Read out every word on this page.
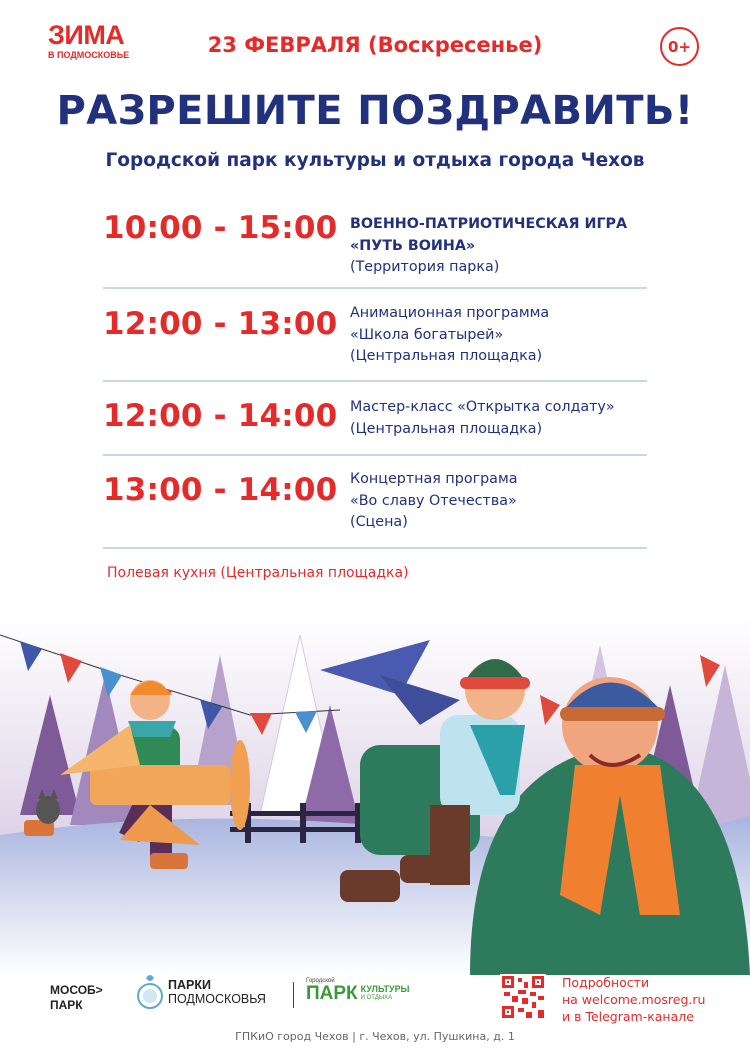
ЗИМА
В ПОДМОСКОВЬЕ	23 ФЕВРАЛЯ (Воскресенье)	0+
РАЗРЕШИТЕ ПОЗДРАВИТЬ!
Городской парк культуры и отдыха города Чехов
10:00 - 15:00 ВОЕННО-ПАТРИОТИЧЕСКАЯ ИГРА
«ПУТЬ ВОИНА»
(Территория парка)
12:00 - 13:00 Анимационная программа
«Школа богатырей»
(Центральная площадка)
12:00 - 14:00 Мастер-класс «Открытка солдату»
(Центральная площадка)
13:00 - 14:00 Концертная програма
«Во славу Отечества»
(Сцена)
Полевая кухня (Центральная площадка)
МОСОБ>
ПАРК
ПАРКИ
ПОДМОСКОВЬЯ
Городской
ПАРК КУЛЬТУРЫ
И ОТДЫХА
Подробности
на welcome.mosreg.ru
и в Telegram-канале
ГПКиО город Чехов | г. Чехов, ул. Пушкина, д. 1
